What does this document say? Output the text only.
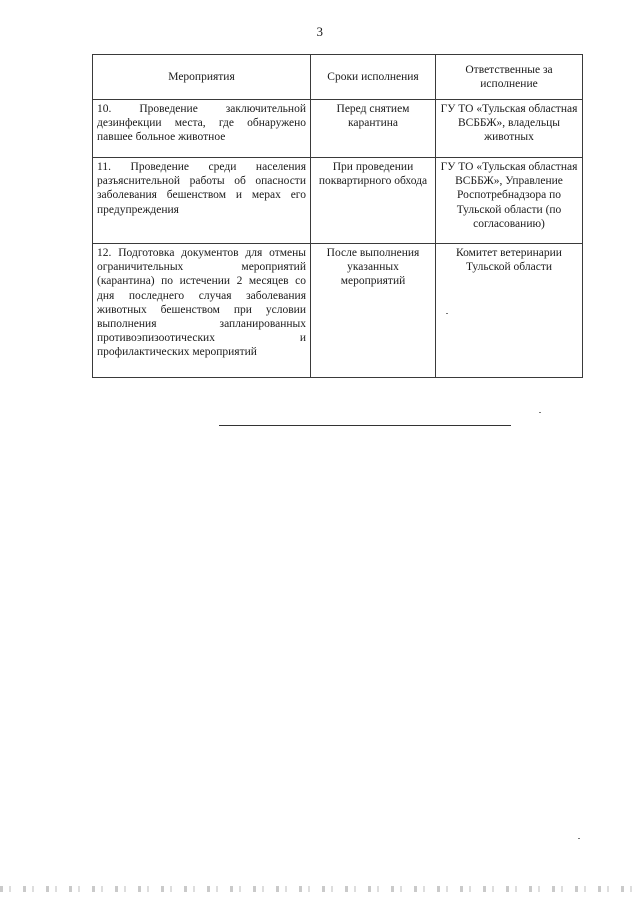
3
Мероприятия	Сроки исполнения	Ответственные за исполнение
10. Проведение заключительной дезинфекции места, где обнаружено павшее больное животное	Перед снятием карантина	ГУ ТО «Тульская областная ВСББЖ», владельцы животных
11. Проведение среди населения разъяснительной работы об опасности заболевания бешенством и мерах его предупреждения	При проведении поквартирного обхода	ГУ ТО «Тульская областная ВСББЖ», Управление Роспотребнадзора по Тульской области (по согласованию)
12. Подготовка документов для отмены ограничительных мероприятий (карантина) по истечении 2 месяцев со дня последнего случая заболевания животных бешенством при условии выполнения запланированных противоэпизоотических и профилактических мероприятий	После выполнения указанных мероприятий	Комитет ветеринарии Тульской области
